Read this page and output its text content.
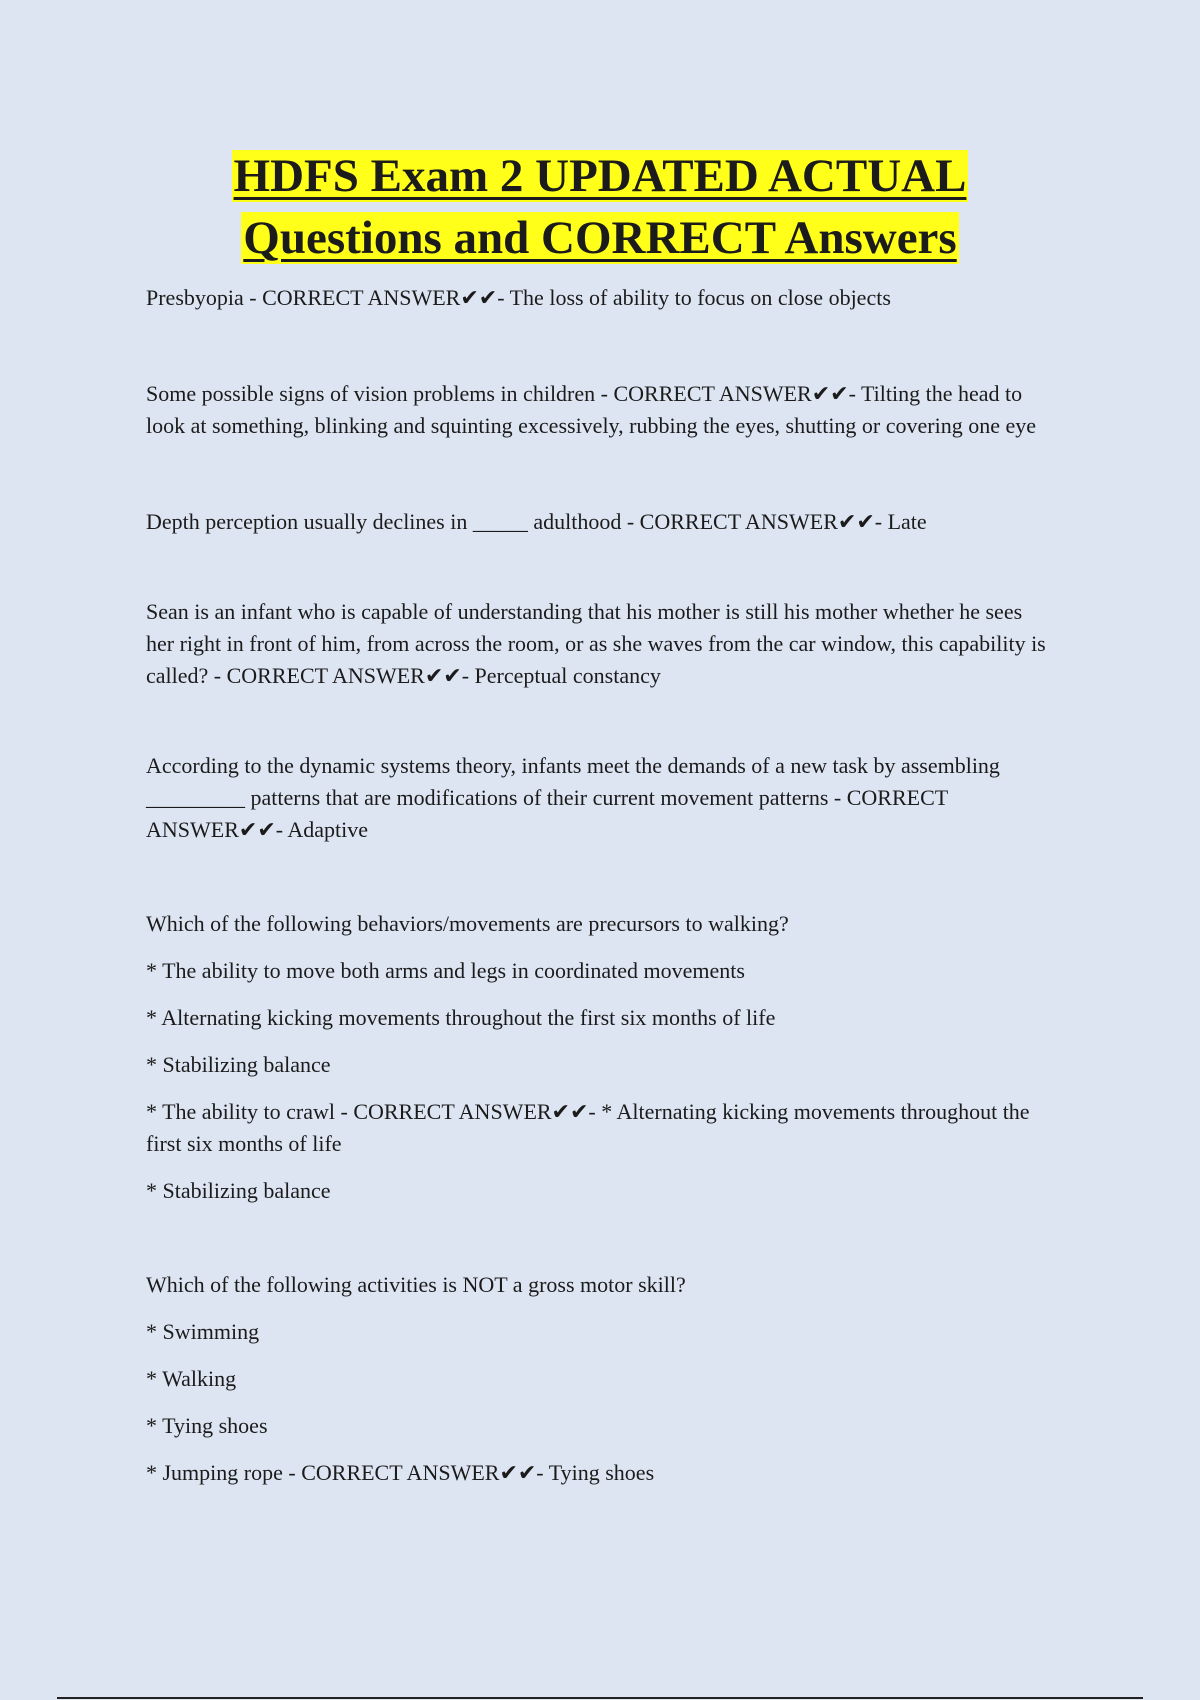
HDFS Exam 2 UPDATED ACTUAL
Questions and CORRECT Answers

Presbyopia - CORRECT ANSWER✔✔- The loss of ability to focus on close objects

Some possible signs of vision problems in children - CORRECT ANSWER✔✔- Tilting the head to look at something, blinking and squinting excessively, rubbing the eyes, shutting or covering one eye

Depth perception usually declines in _____ adulthood - CORRECT ANSWER✔✔- Late

Sean is an infant who is capable of understanding that his mother is still his mother whether he sees her right in front of him, from across the room, or as she waves from the car window, this capability is called? - CORRECT ANSWER✔✔- Perceptual constancy

According to the dynamic systems theory, infants meet the demands of a new task by assembling _________ patterns that are modifications of their current movement patterns - CORRECT ANSWER✔✔- Adaptive

Which of the following behaviors/movements are precursors to walking?

* The ability to move both arms and legs in coordinated movements

* Alternating kicking movements throughout the first six months of life

* Stabilizing balance

* The ability to crawl - CORRECT ANSWER✔✔- * Alternating kicking movements throughout the first six months of life

* Stabilizing balance

Which of the following activities is NOT a gross motor skill?

* Swimming

* Walking

* Tying shoes

* Jumping rope - CORRECT ANSWER✔✔- Tying shoes
